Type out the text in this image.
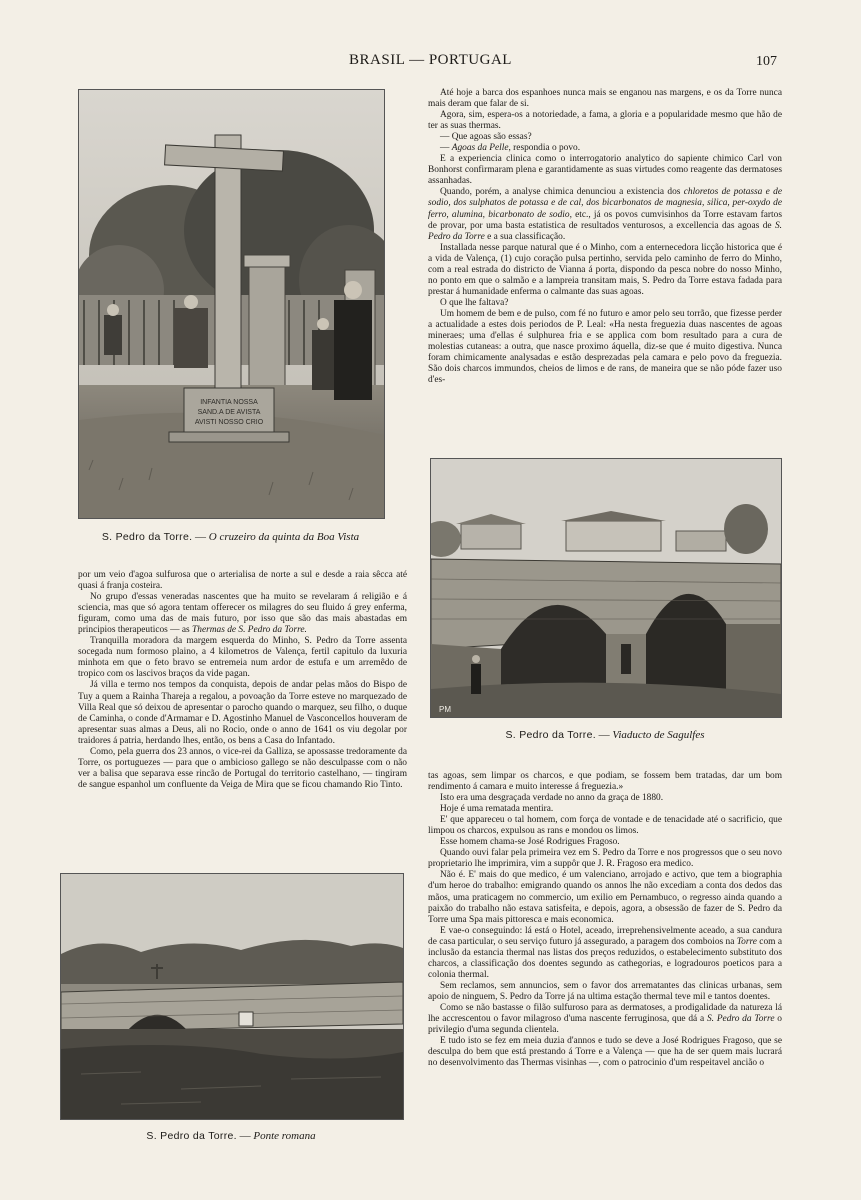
BRASIL — PORTUGAL	107
INFANTIA NOSSA
SAND.A DE AVISTA
AVISTI NOSSO CRIO
S. Pedro da Torre. — O cruzeiro da quinta da Boa Vista

Até hoje a barca dos espanhoes nunca mais se enganou nas margens, e os da Torre nunca mais deram que falar de si.

Agora, sim, espera-os a notoriedade, a fama, a gloria e a popularidade mesmo que hão de ter as suas thermas.

— Que agoas são essas?

— Agoas da Pelle, respondia o povo.

E a experiencia clinica como o interrogatorio analytico do sapiente chimico Carl von Bonhorst confirmaram plena e garantidamente as suas virtudes como reagente das dermatoses assanhadas.

Quando, porém, a analyse chimica denunciou a existencia dos chloretos de potassa e de sodio, dos sulphatos de potassa e de cal, dos bicarbonatos de magnesia, silica, per-oxydo de ferro, alumina, bicarbonato de sodio, etc., já os povos cumvisinhos da Torre estavam fartos de provar, por uma basta estatistica de resultados venturosos, a excellencia das agoas de S. Pedro da Torre e a sua classificação.

Installada nesse parque natural que é o Minho, com a enternecedora licção historica que é a vida de Valença, (1) cujo coração pulsa pertinho, servida pelo caminho de ferro do Minho, com a real estrada do districto de Vianna á porta, dispondo da pesca nobre do nosso Minho, no ponto em que o salmão e a lampreia transitam mais, S. Pedro da Torre estava fadada para prestar á humanidade enferma o calmante das suas agoas.

O que lhe faltava?

Um homem de bem e de pulso, com fé no futuro e amor pelo seu torrão, que fizesse perder a actualidade a estes dois periodos de P. Leal: «Ha nesta freguezia duas nascentes de agoas mineraes; uma d'ellas é sulphurea fria e se applica com bom resultado para a cura de molestias cutaneas: a outra, que nasce proximo áquella, diz-se que é muito digestiva. Nunca foram chimicamente analysadas e estão desprezadas pela camara e pelo povo da freguezia. São dois charcos immundos, cheios de limos e de rans, de maneira que se não póde fazer uso d'es-

PM
S. Pedro da Torre. — Viaducto de Sagulfes

por um veio d'agoa sulfurosa que o arterialisa de norte a sul e desde a raia sêcca até quasi á franja costeira.

No grupo d'essas veneradas nascentes que ha muito se revelaram á religião e á sciencia, mas que só agora tentam offerecer os milagres do seu fluido á grey enferma, figuram, como uma das de mais futuro, por isso que são das mais abastadas em principios therapeuticos — as Thermas de S. Pedro da Torre.

Tranquilla moradora da margem esquerda do Minho, S. Pedro da Torre assenta socegada num formoso plaino, a 4 kilometros de Valença, fertil capitulo da luxuria minhota em que o feto bravo se entremeia num ardor de estufa e um arremêdo de tropico com os lascivos braços da vide pagan.

Já villa e termo nos tempos da conquista, depois de andar pelas mãos do Bispo de Tuy a quem a Rainha Thareja a regalou, a povoação da Torre esteve no marquezado de Villa Real que só deixou de apresentar o parocho quando o marquez, seu filho, o duque de Caminha, o conde d'Armamar e D. Agostinho Manuel de Vasconcellos houveram de apresentar suas almas a Deus, ali no Rocio, onde o anno de 1641 os viu degolar por traidores á patria, herdando lhes, então, os bens a Casa do Infantado.

Como, pela guerra dos 23 annos, o vice-rei da Galliza, se apossasse tredoramente da Torre, os portuguezes — para que o ambicioso gallego se não desculpasse com o não ver a balisa que separava esse rincão de Portugal do territorio castelhano, — tingiram de sangue espanhol um confluente da Veiga de Mira que se ficou chamando Rio Tinto.

S. Pedro da Torre. — Ponte romana

tas agoas, sem limpar os charcos, e que podiam, se fossem bem tratadas, dar um bom rendimento á camara e muito interesse á freguezia.»

Isto era uma desgraçada verdade no anno da graça de 1880.

Hoje é uma rematada mentira.

E' que appareceu o tal homem, com força de vontade e de tenacidade até o sacrificio, que limpou os charcos, expulsou as rans e mondou os limos.

Esse homem chama-se José Rodrigues Fragoso.

Quando ouvi falar pela primeira vez em S. Pedro da Torre e nos progressos que o seu novo proprietario lhe imprimira, vim a suppôr que J. R. Fragoso era medico.

Não é. E' mais do que medico, é um valenciano, arrojado e activo, que tem a biographia d'um heroe do trabalho: emigrando quando os annos lhe não excediam a conta dos dedos das mãos, uma praticagem no commercio, um exilio em Pernambuco, o regresso ainda quando a paixão do trabalho não estava satisfeita, e depois, agora, a obsessão de fazer de S. Pedro da Torre uma Spa mais pittoresca e mais economica.

E vae-o conseguindo: lá está o Hotel, aceado, irreprehensivelmente aceado, a sua candura de casa particular, o seu serviço futuro já assegurado, a paragem dos comboios na Torre com a inclusão da estancia thermal nas listas dos preços reduzidos, o estabelecimento substituto dos charcos, a classificação dos doentes segundo as cathegorias, e logradouros poeticos para a colonia thermal.

Sem reclamos, sem annuncios, sem o favor dos arrematantes das clinicas urbanas, sem apoio de ninguem, S. Pedro da Torre já na ultima estação thermal teve mil e tantos doentes.

Como se não bastasse o filão sulfuroso para as dermatoses, a prodigalidade da natureza lá lhe accrescentou o favor milagroso d'uma nascente ferruginosa, que dá a S. Pedro da Torre o privilegio d'uma segunda clientela.

E tudo isto se fez em meia duzia d'annos e tudo se deve a José Rodrigues Fragoso, que se desculpa do bem que está prestando á Torre e a Valença — que ha de ser quem mais lucrará no desenvolvimento das Thermas visinhas —, com o patrocinio d'um respeitavel ancião o
